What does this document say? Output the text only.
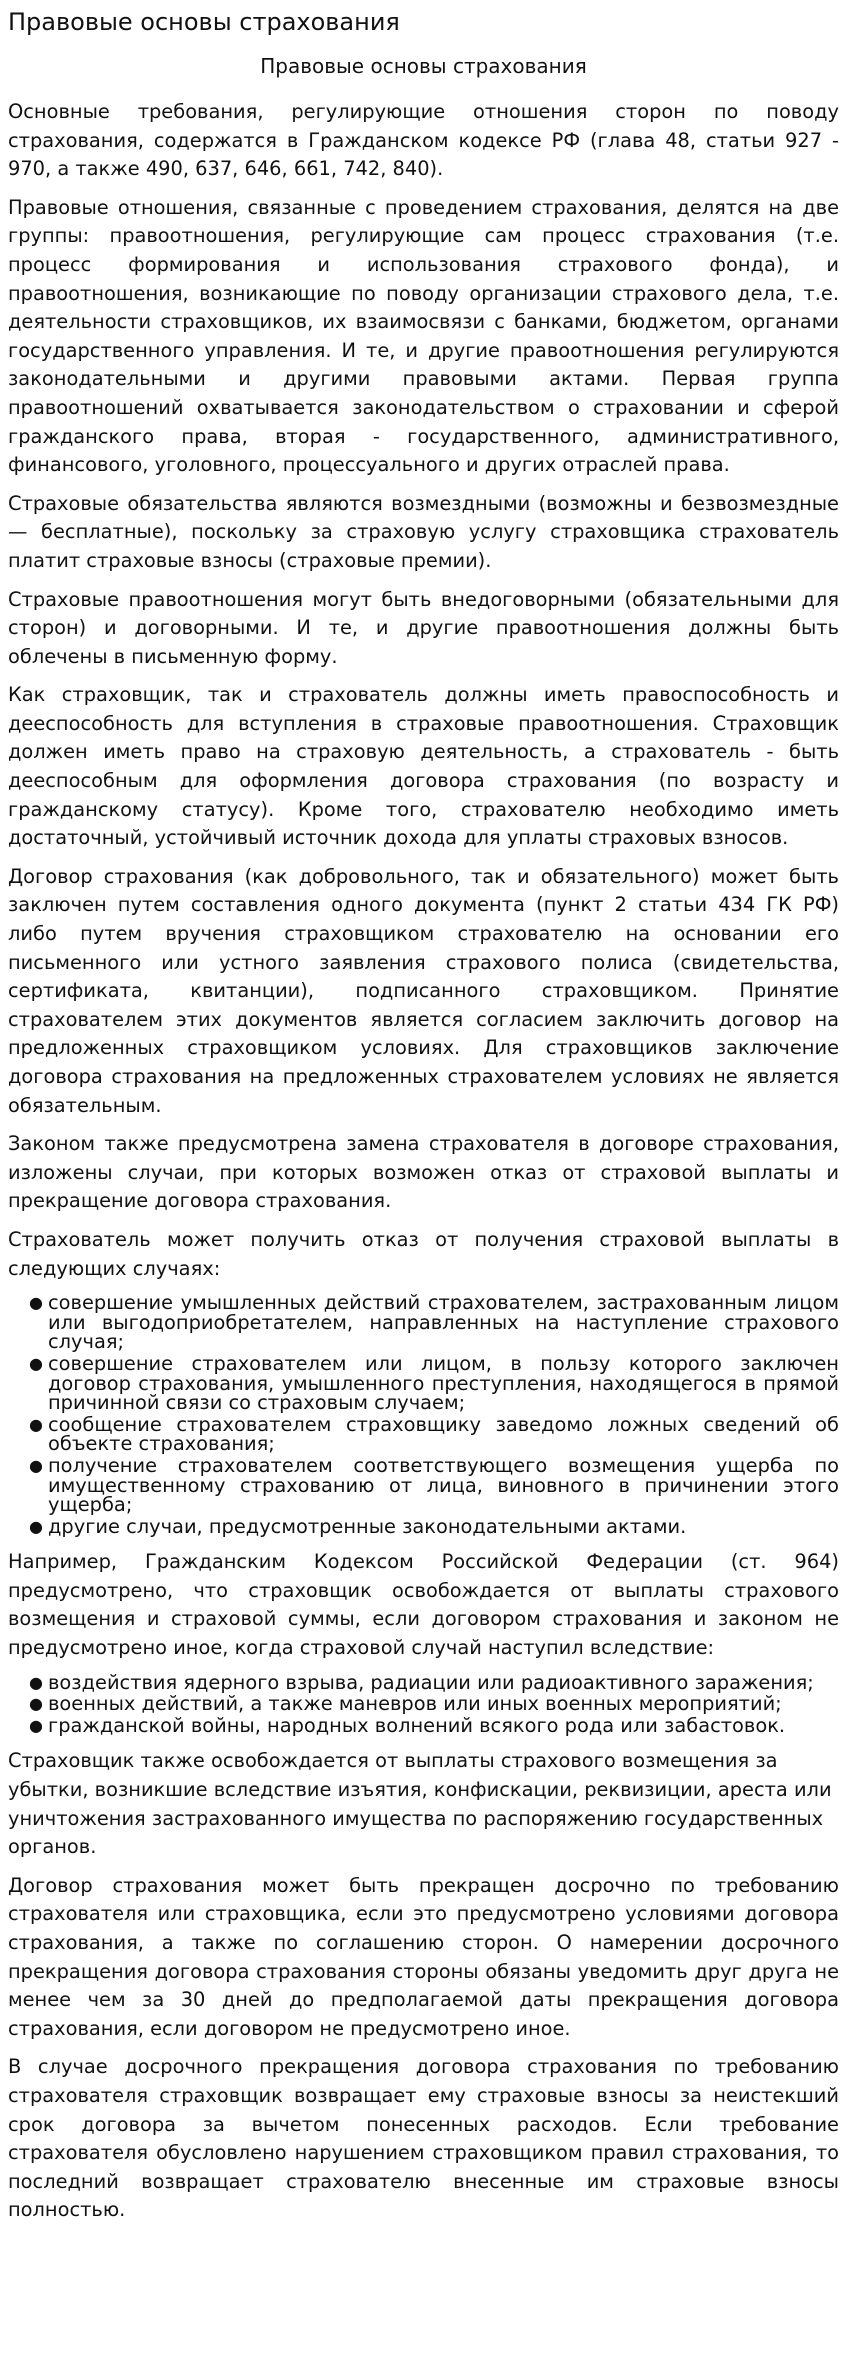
Правовые основы страхования
Правовые основы страхования

Основные требования, регулирующие отношения сторон по поводу страхования, содержатся в Гражданском кодексе РФ (глава 48, статьи 927 - 970, а также 490, 637, 646, 661, 742, 840).

Правовые отношения, связанные с проведением страхования, делятся на две группы: правоотношения, регулирующие сам процесс страхования (т.е. процесс формирования и использования страхового фонда), и правоотношения, возникающие по поводу организации страхового дела, т.е. деятельности страховщиков, их взаимосвязи с банками, бюджетом, органами государственного управления. И те, и другие правоотношения регулируются законодательными и другими правовыми актами. Первая группа правоотношений охватывается законодательством о страховании и сферой гражданского права, вторая - государственного, административного, финансового, уголовного, процессуального и других отраслей права.

Страховые обязательства являются возмездными (возможны и безвозмездные — бесплатные), поскольку за страховую услугу страховщика страхователь платит страховые взносы (страховые премии).

Страховые правоотношения могут быть внедоговорными (обязательными для сторон) и договорными. И те, и другие правоотношения должны быть облечены в письменную форму.

Как страховщик, так и страхователь должны иметь правоспособность и дееспособность для вступления в страховые правоотношения. Страховщик должен иметь право на страховую деятельность, а страхователь - быть дееспособным для оформления договора страхования (по возрасту и гражданскому статусу). Кроме того, страхователю необходимо иметь достаточный, устойчивый источник дохода для уплаты страховых взносов.

Договор страхования (как добровольного, так и обязательного) может быть заключен путем составления одного документа (пункт 2 статьи 434 ГК РФ) либо путем вручения страховщиком страхователю на основании его письменного или устного заявления страхового полиса (свидетельства, сертификата, квитанции), подписанного страховщиком. Принятие страхователем этих документов является согласием заключить договор на предложенных страховщиком условиях. Для страховщиков заключение договора страхования на предложенных страхователем условиях не является обязательным.

Законом также предусмотрена замена страхователя в договоре страхования, изложены случаи, при которых возможен отказ от страховой выплаты и прекращение договора страхования.

Страхователь может получить отказ от получения страховой выплаты в следующих случаях:

● совершение умышленных действий страхователем, застрахованным лицом или выгодоприобретателем, направленных на наступление страхового случая;
● совершение страхователем или лицом, в пользу которого заключен договор страхования, умышленного преступления, находящегося в прямой причинной связи со страховым случаем;
● сообщение страхователем страховщику заведомо ложных сведений об объекте страхования;
● получение страхователем соответствующего возмещения ущерба по имущественному страхованию от лица, виновного в причинении этого ущерба;
● другие случаи, предусмотренные законодательными актами.

Например, Гражданским Кодексом Российской Федерации (ст. 964) предусмотрено, что страховщик освобождается от выплаты страхового возмещения и страховой суммы, если договором страхования и законом не предусмотрено иное, когда страховой случай наступил вследствие:

● воздействия ядерного взрыва, радиации или радиоактивного заражения;
● военных действий, а также маневров или иных военных мероприятий;
● гражданской войны, народных волнений всякого рода или забастовок.

Страховщик также освобождается от выплаты страхового возмещения за убытки, возникшие вследствие изъятия, конфискации, реквизиции, ареста или уничтожения застрахованного имущества по распоряжению государственных органов.

Договор страхования может быть прекращен досрочно по требованию страхователя или страховщика, если это предусмотрено условиями договора страхования, а также по соглашению сторон. О намерении досрочного прекращения договора страхования стороны обязаны уведомить друг друга не менее чем за 30 дней до предполагаемой даты прекращения договора страхования, если договором не предусмотрено иное.

В случае досрочного прекращения договора страхования по требованию страхователя страховщик возвращает ему страховые взносы за неистекший срок договора за вычетом понесенных расходов. Если требование страхователя обусловлено нарушением страховщиком правил страхования, то последний возвращает страхователю внесенные им страховые взносы полностью.
